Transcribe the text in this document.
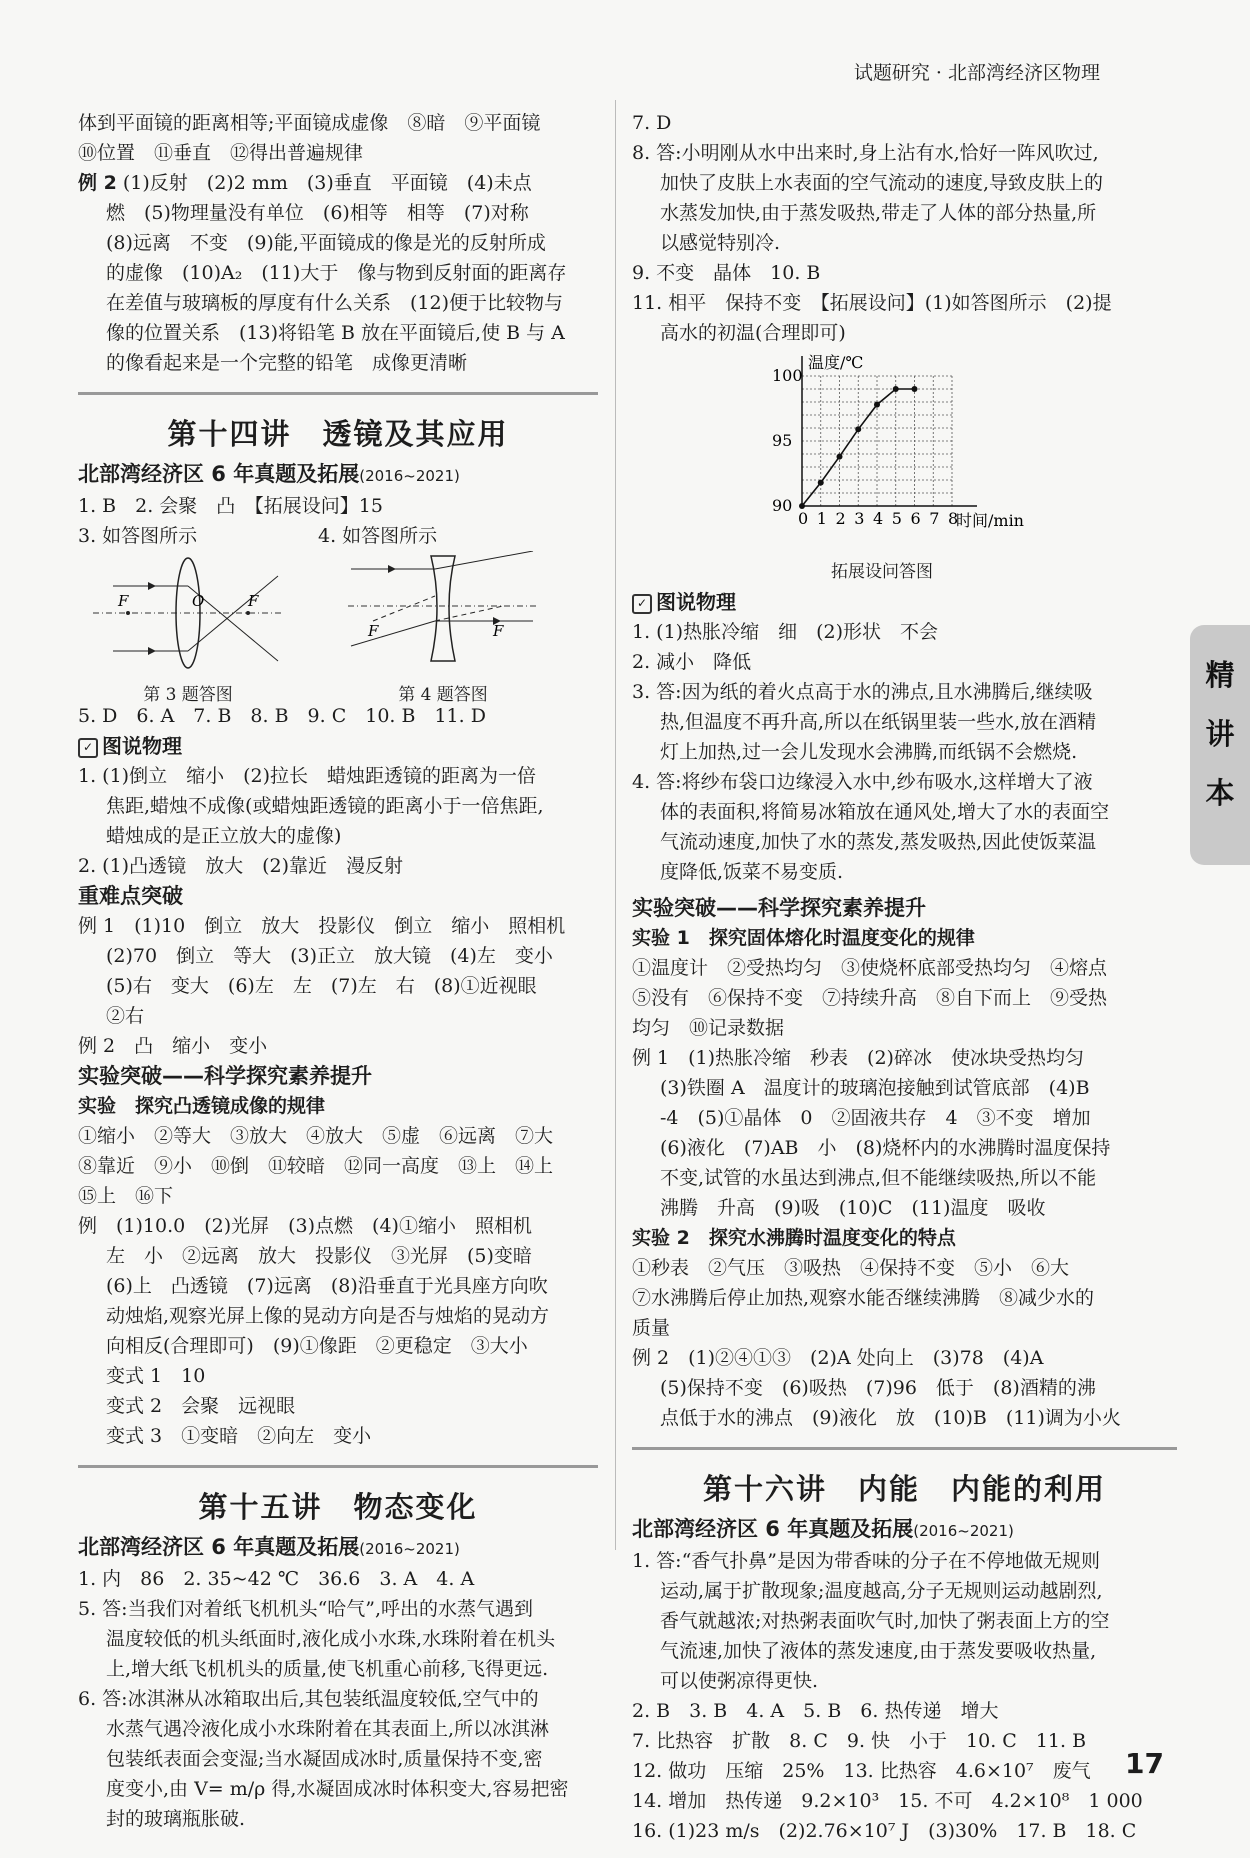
试题研究 · 北部湾经济区物理
体到平面镜的距离相等;平面镜成虚像　⑧暗　⑨平面镜
⑩位置　⑪垂直　⑫得出普遍规律
例 2 (1)反射　(2)2 mm　(3)垂直　平面镜　(4)未点
燃　(5)物理量没有单位　(6)相等　相等　(7)对称
(8)远离　不变　(9)能,平面镜成的像是光的反射所成
的虚像　(10)A₂　(11)大于　像与物到反射面的距离存
在差值与玻璃板的厚度有什么关系　(12)便于比较物与
像的位置关系　(13)将铅笔 B 放在平面镜后,使 B 与 A
的像看起来是一个完整的铅笔　成像更清晰
第十四讲　透镜及其应用
北部湾经济区 6 年真题及拓展(2016~2021)
1. B　2. 会聚　凸　【拓展设问】15
3. 如答图所示	4. 如答图所示
F	O	F
第 3 题答图
F	F
第 4 题答图
5. D　6. A　7. B　8. B　9. C　10. B　11. D
✓ 图说物理
1. (1)倒立　缩小　(2)拉长　蜡烛距透镜的距离为一倍
焦距,蜡烛不成像(或蜡烛距透镜的距离小于一倍焦距,
蜡烛成的是正立放大的虚像)
2. (1)凸透镜　放大　(2)靠近　漫反射
重难点突破
例 1　(1)10　倒立　放大　投影仪　倒立　缩小　照相机
(2)70　倒立　等大　(3)正立　放大镜　(4)左　变小
(5)右　变大　(6)左　左　(7)左　右　(8)①近视眼
②右
例 2　凸　缩小　变小
实验突破——科学探究素养提升
实验　探究凸透镜成像的规律
①缩小　②等大　③放大　④放大　⑤虚　⑥远离　⑦大
⑧靠近　⑨小　⑩倒　⑪较暗　⑫同一高度　⑬上　⑭上
⑮上　⑯下
例　(1)10.0　(2)光屏　(3)点燃　(4)①缩小　照相机
左　小　②远离　放大　投影仪　③光屏　(5)变暗
(6)上　凸透镜　(7)远离　(8)沿垂直于光具座方向吹
动烛焰,观察光屏上像的晃动方向是否与烛焰的晃动方
向相反(合理即可)　(9)①像距　②更稳定　③大小
变式 1　10
变式 2　会聚　远视眼
变式 3　①变暗　②向左　变小
第十五讲　物态变化
北部湾经济区 6 年真题及拓展(2016~2021)
1. 内　86　2. 35~42 ℃　36.6　3. A　4. A
5. 答:当我们对着纸飞机机头“哈气”,呼出的水蒸气遇到
温度较低的机头纸面时,液化成小水珠,水珠附着在机头
上,增大纸飞机机头的质量,使飞机重心前移,飞得更远.
6. 答:冰淇淋从冰箱取出后,其包装纸温度较低,空气中的
水蒸气遇冷液化成小水珠附着在其表面上,所以冰淇淋
包装纸表面会变湿;当水凝固成冰时,质量保持不变,密
度变小,由 V= m/ρ 得,水凝固成冰时体积变大,容易把密
封的玻璃瓶胀破.
7. D
8. 答:小明刚从水中出来时,身上沾有水,恰好一阵风吹过,
加快了皮肤上水表面的空气流动的速度,导致皮肤上的
水蒸发加快,由于蒸发吸热,带走了人体的部分热量,所
以感觉特别冷.
9. 不变　晶体　10. B
11. 相平　保持不变　【拓展设问】(1)如答图所示　(2)提
高水的初温(合理即可)
0 1 2 3 4 5 6 7 8
90
95
100
温度/℃
时间/min
拓展设问答图
✓ 图说物理
1. (1)热胀冷缩　细　(2)形状　不会
2. 减小　降低
3. 答:因为纸的着火点高于水的沸点,且水沸腾后,继续吸
热,但温度不再升高,所以在纸锅里装一些水,放在酒精
灯上加热,过一会儿发现水会沸腾,而纸锅不会燃烧.
4. 答:将纱布袋口边缘浸入水中,纱布吸水,这样增大了液
体的表面积,将简易冰箱放在通风处,增大了水的表面空
气流动速度,加快了水的蒸发,蒸发吸热,因此使饭菜温
度降低,饭菜不易变质.
实验突破——科学探究素养提升
实验 1　探究固体熔化时温度变化的规律
①温度计　②受热均匀　③使烧杯底部受热均匀　④熔点
⑤没有　⑥保持不变　⑦持续升高　⑧自下而上　⑨受热
均匀　⑩记录数据
例 1　(1)热胀冷缩　秒表　(2)碎冰　使冰块受热均匀
(3)铁圈 A　温度计的玻璃泡接触到试管底部　(4)B
-4　(5)①晶体　0　②固液共存　4　③不变　增加
(6)液化　(7)AB　小　(8)烧杯内的水沸腾时温度保持
不变,试管的水虽达到沸点,但不能继续吸热,所以不能
沸腾　升高　(9)吸　(10)C　(11)温度　吸收
实验 2　探究水沸腾时温度变化的特点
①秒表　②气压　③吸热　④保持不变　⑤小　⑥大
⑦水沸腾后停止加热,观察水能否继续沸腾　⑧减少水的
质量
例 2　(1)②④①③　(2)A 处向上　(3)78　(4)A
(5)保持不变　(6)吸热　(7)96　低于　(8)酒精的沸
点低于水的沸点　(9)液化　放　(10)B　(11)调为小火
第十六讲　内能　内能的利用
北部湾经济区 6 年真题及拓展(2016~2021)
1. 答:“香气扑鼻”是因为带香味的分子在不停地做无规则
运动,属于扩散现象;温度越高,分子无规则运动越剧烈,
香气就越浓;对热粥表面吹气时,加快了粥表面上方的空
气流速,加快了液体的蒸发速度,由于蒸发要吸收热量,
可以使粥凉得更快.
2. B　3. B　4. A　5. B　6. 热传递　增大
7. 比热容　扩散　8. C　9. 快　小于　10. C　11. B
12. 做功　压缩　25%　13. 比热容　4.6×10⁷　废气
14. 增加　热传递　9.2×10³　15. 不可　4.2×10⁸　1 000
16. (1)23 m/s　(2)2.76×10⁷ J　(3)30%　17. B　18. C
精
讲
本
17
